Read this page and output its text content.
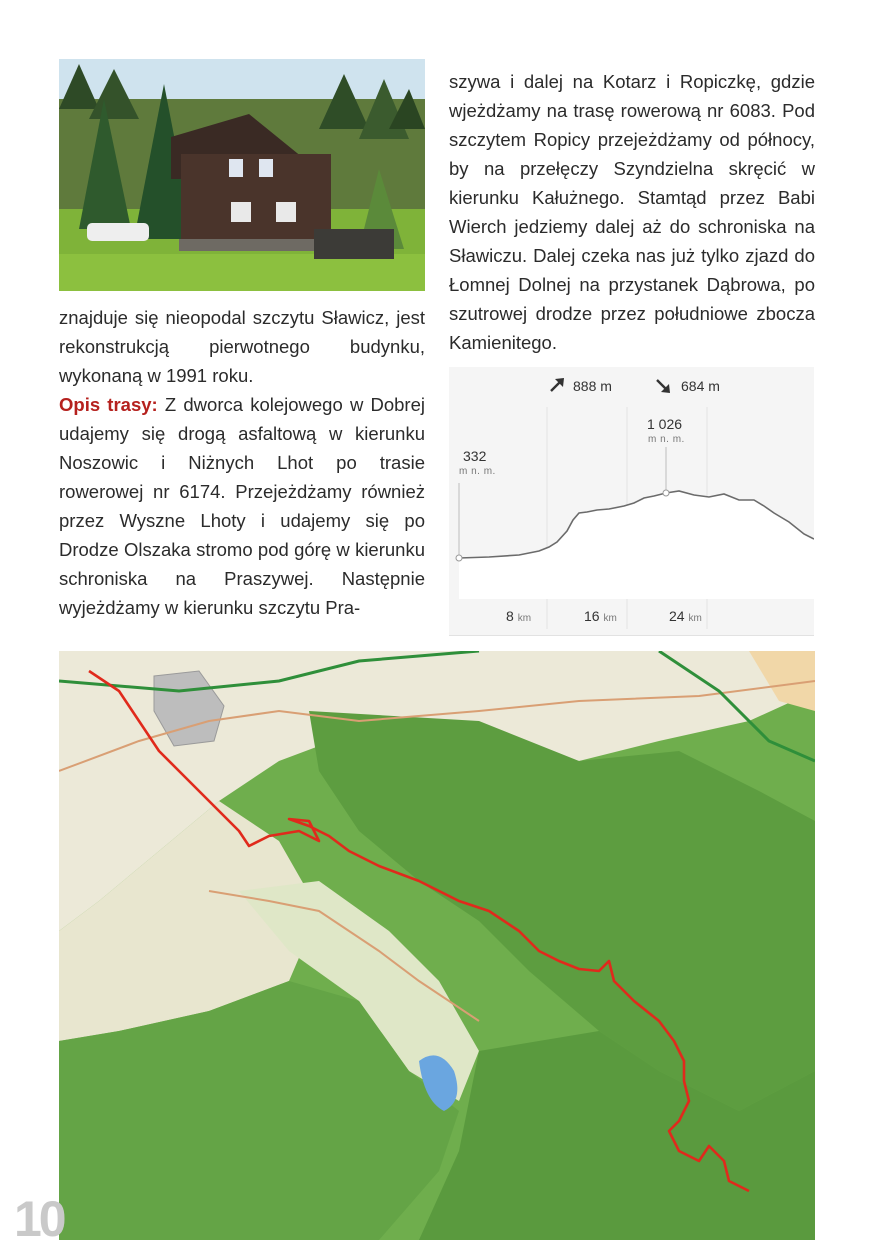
szywa i dalej na Kotarz i Ropiczkę, gdzie wjeżdżamy na trasę rowerową nr 6083. Pod szczytem Ropicy przejeżdżamy od północy, by na przełęczy Szyndzielna skręcić w kierunku Kałużnego. Stamtąd przez Babi Wierch jedziemy dalej aż do schroniska na Sławiczu. Dalej czeka nas już tylko zjazd do Łomnej Dolnej na przystanek Dąbrowa, po szutrowej drodze przez południowe zbocza Kamienitego.

znajduje się nieopodal szczytu Sławicz, jest rekonstrukcją pierwotnego budynku, wykonaną w 1991 roku.

Opis trasy: Z dworca kolejowego w Dobrej udajemy się drogą asfaltową w kierunku Noszowic i Niżnych Lhot po trasie rowerowej nr 6174. Przejeżdżamy również przez Wyszne Lhoty i udajemy się po Drodze Olszaka stromo pod górę w kierunku schroniska na Praszywej. Następnie wyjeżdżamy w kierunku szczytu Pra-

888 m	684 m
332
m n. m.
1 026
m n. m.
8 km	16 km	24 km
10
